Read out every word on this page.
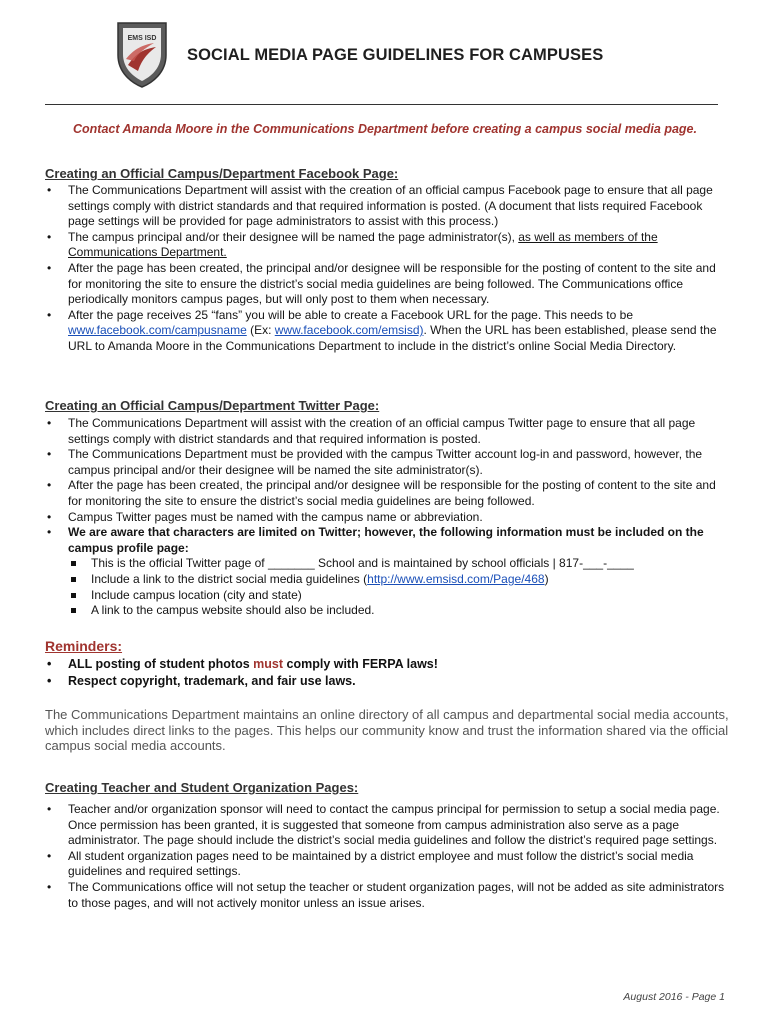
EMS ISD
SOCIAL MEDIA PAGE GUIDELINES FOR CAMPUSES
Contact Amanda Moore in the Communications Department before creating a campus social media page.
Creating an Official Campus/Department Facebook Page:
• The Communications Department will assist with the creation of an official campus Facebook page to ensure that all page settings comply with district standards and that required information is posted. (A document that lists required Facebook page settings will be provided for page administrators to assist with this process.)
• The campus principal and/or their designee will be named the page administrator(s), as well as members of the Communications Department.
• After the page has been created, the principal and/or designee will be responsible for the posting of content to the site and for monitoring the site to ensure the district’s social media guidelines are being followed. The Communications office periodically monitors campus pages, but will only post to them when necessary.
• After the page receives 25 “fans” you will be able to create a Facebook URL for the page. This needs to be www.facebook.com/campusname (Ex: www.facebook.com/emsisd). When the URL has been established, please send the URL to Amanda Moore in the Communications Department to include in the district’s online Social Media Directory.
Creating an Official Campus/Department Twitter Page:
• The Communications Department will assist with the creation of an official campus Twitter page to ensure that all page settings comply with district standards and that required information is posted.
• The Communications Department must be provided with the campus Twitter account log-in and password, however, the campus principal and/or their designee will be named the site administrator(s).
• After the page has been created, the principal and/or designee will be responsible for the posting of content to the site and for monitoring the site to ensure the district’s social media guidelines are being followed.
• Campus Twitter pages must be named with the campus name or abbreviation.
• We are aware that characters are limited on Twitter; however, the following information must be included on the campus profile page:
This is the official Twitter page of _______ School and is maintained by school officials | 817-___-____
Include a link to the district social media guidelines (http://www.emsisd.com/Page/468)
Include campus location (city and state)
A link to the campus website should also be included.
Reminders:
• ALL posting of student photos must comply with FERPA laws!
• Respect copyright, trademark, and fair use laws.
The Communications Department maintains an online directory of all campus and departmental social media accounts, which includes direct links to the pages. This helps our community know and trust the information shared via the official campus social media accounts.
Creating Teacher and Student Organization Pages:
• Teacher and/or organization sponsor will need to contact the campus principal for permission to setup a social media page. Once permission has been granted, it is suggested that someone from campus administration also serve as a page administrator. The page should include the district’s social media guidelines and follow the district’s required page settings.
• All student organization pages need to be maintained by a district employee and must follow the district’s social media guidelines and required settings.
• The Communications office will not setup the teacher or student organization pages, will not be added as site administrators to those pages, and will not actively monitor unless an issue arises.
August 2016 - Page 1
